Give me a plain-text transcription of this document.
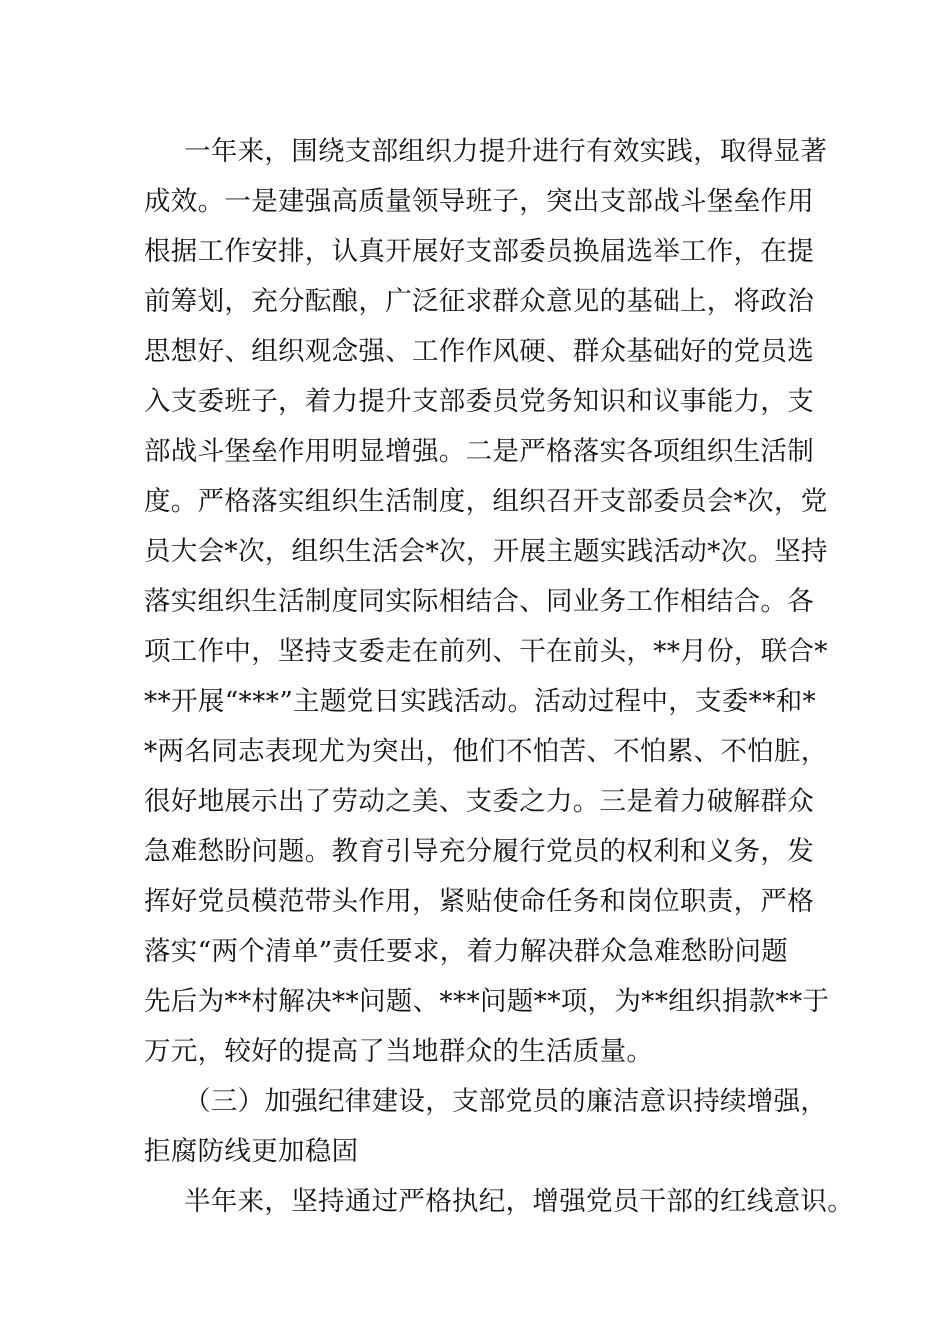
一年来，围绕支部组织力提升进行有效实践，取得显著
成效。一是建强高质量领导班子，突出支部战斗堡垒作用
根据工作安排，认真开展好支部委员换届选举工作，在提
前筹划，充分酝酿，广泛征求群众意见的基础上，将政治
思想好、组织观念强、工作作风硬、群众基础好的党员选
入支委班子，着力提升支部委员党务知识和议事能力，支
部战斗堡垒作用明显增强。二是严格落实各项组织生活制
度。严格落实组织生活制度，组织召开支部委员会*次，党
员大会*次，组织生活会*次，开展主题实践活动*次。坚持
落实组织生活制度同实际相结合、同业务工作相结合。各
项工作中，坚持支委走在前列、干在前头，**月份，联合*
**开展“***”主题党日实践活动。活动过程中，支委**和*
*两名同志表现尤为突出，他们不怕苦、不怕累、不怕脏，
很好地展示出了劳动之美、支委之力。三是着力破解群众
急难愁盼问题。教育引导充分履行党员的权利和义务，发
挥好党员模范带头作用，紧贴使命任务和岗位职责，严格
落实“两个清单”责任要求，着力解决群众急难愁盼问题
先后为**村解决**问题、***问题**项，为**组织捐款**于
万元，较好的提高了当地群众的生活质量。
（三）加强纪律建设，支部党员的廉洁意识持续增强，
拒腐防线更加稳固
半年来，坚持通过严格执纪，增强党员干部的红线意识。
